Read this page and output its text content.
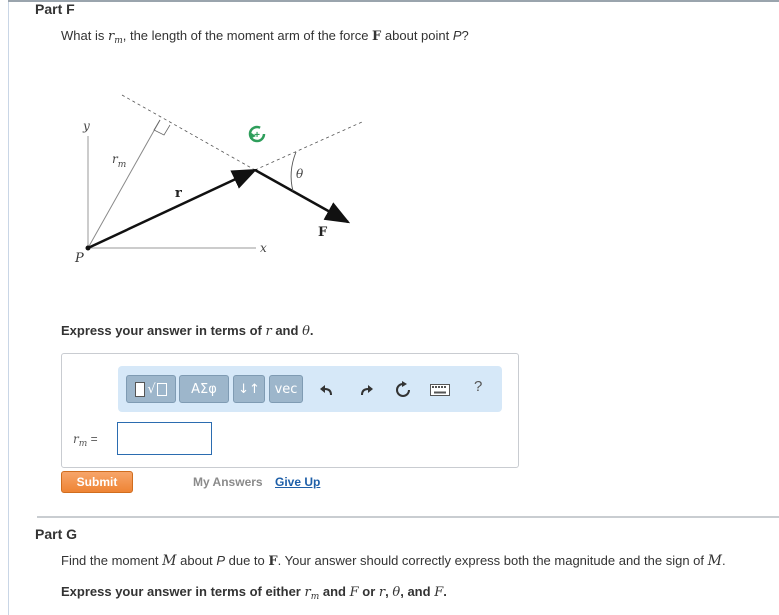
Part F
What is $r_m$, the length of the moment arm of the force F about point P?
+
y
$r_m$
r
θ
F
x
P
Express your answer in terms of r and θ.
√	ΑΣφ	↓↑	vec	?
$r_m$ =
Submit	My Answers Give Up
Part G
Find the moment M about P due to F. Your answer should correctly express both the magnitude and the sign of M.
Express your answer in terms of either $r_m$ and F or r, θ, and F.
